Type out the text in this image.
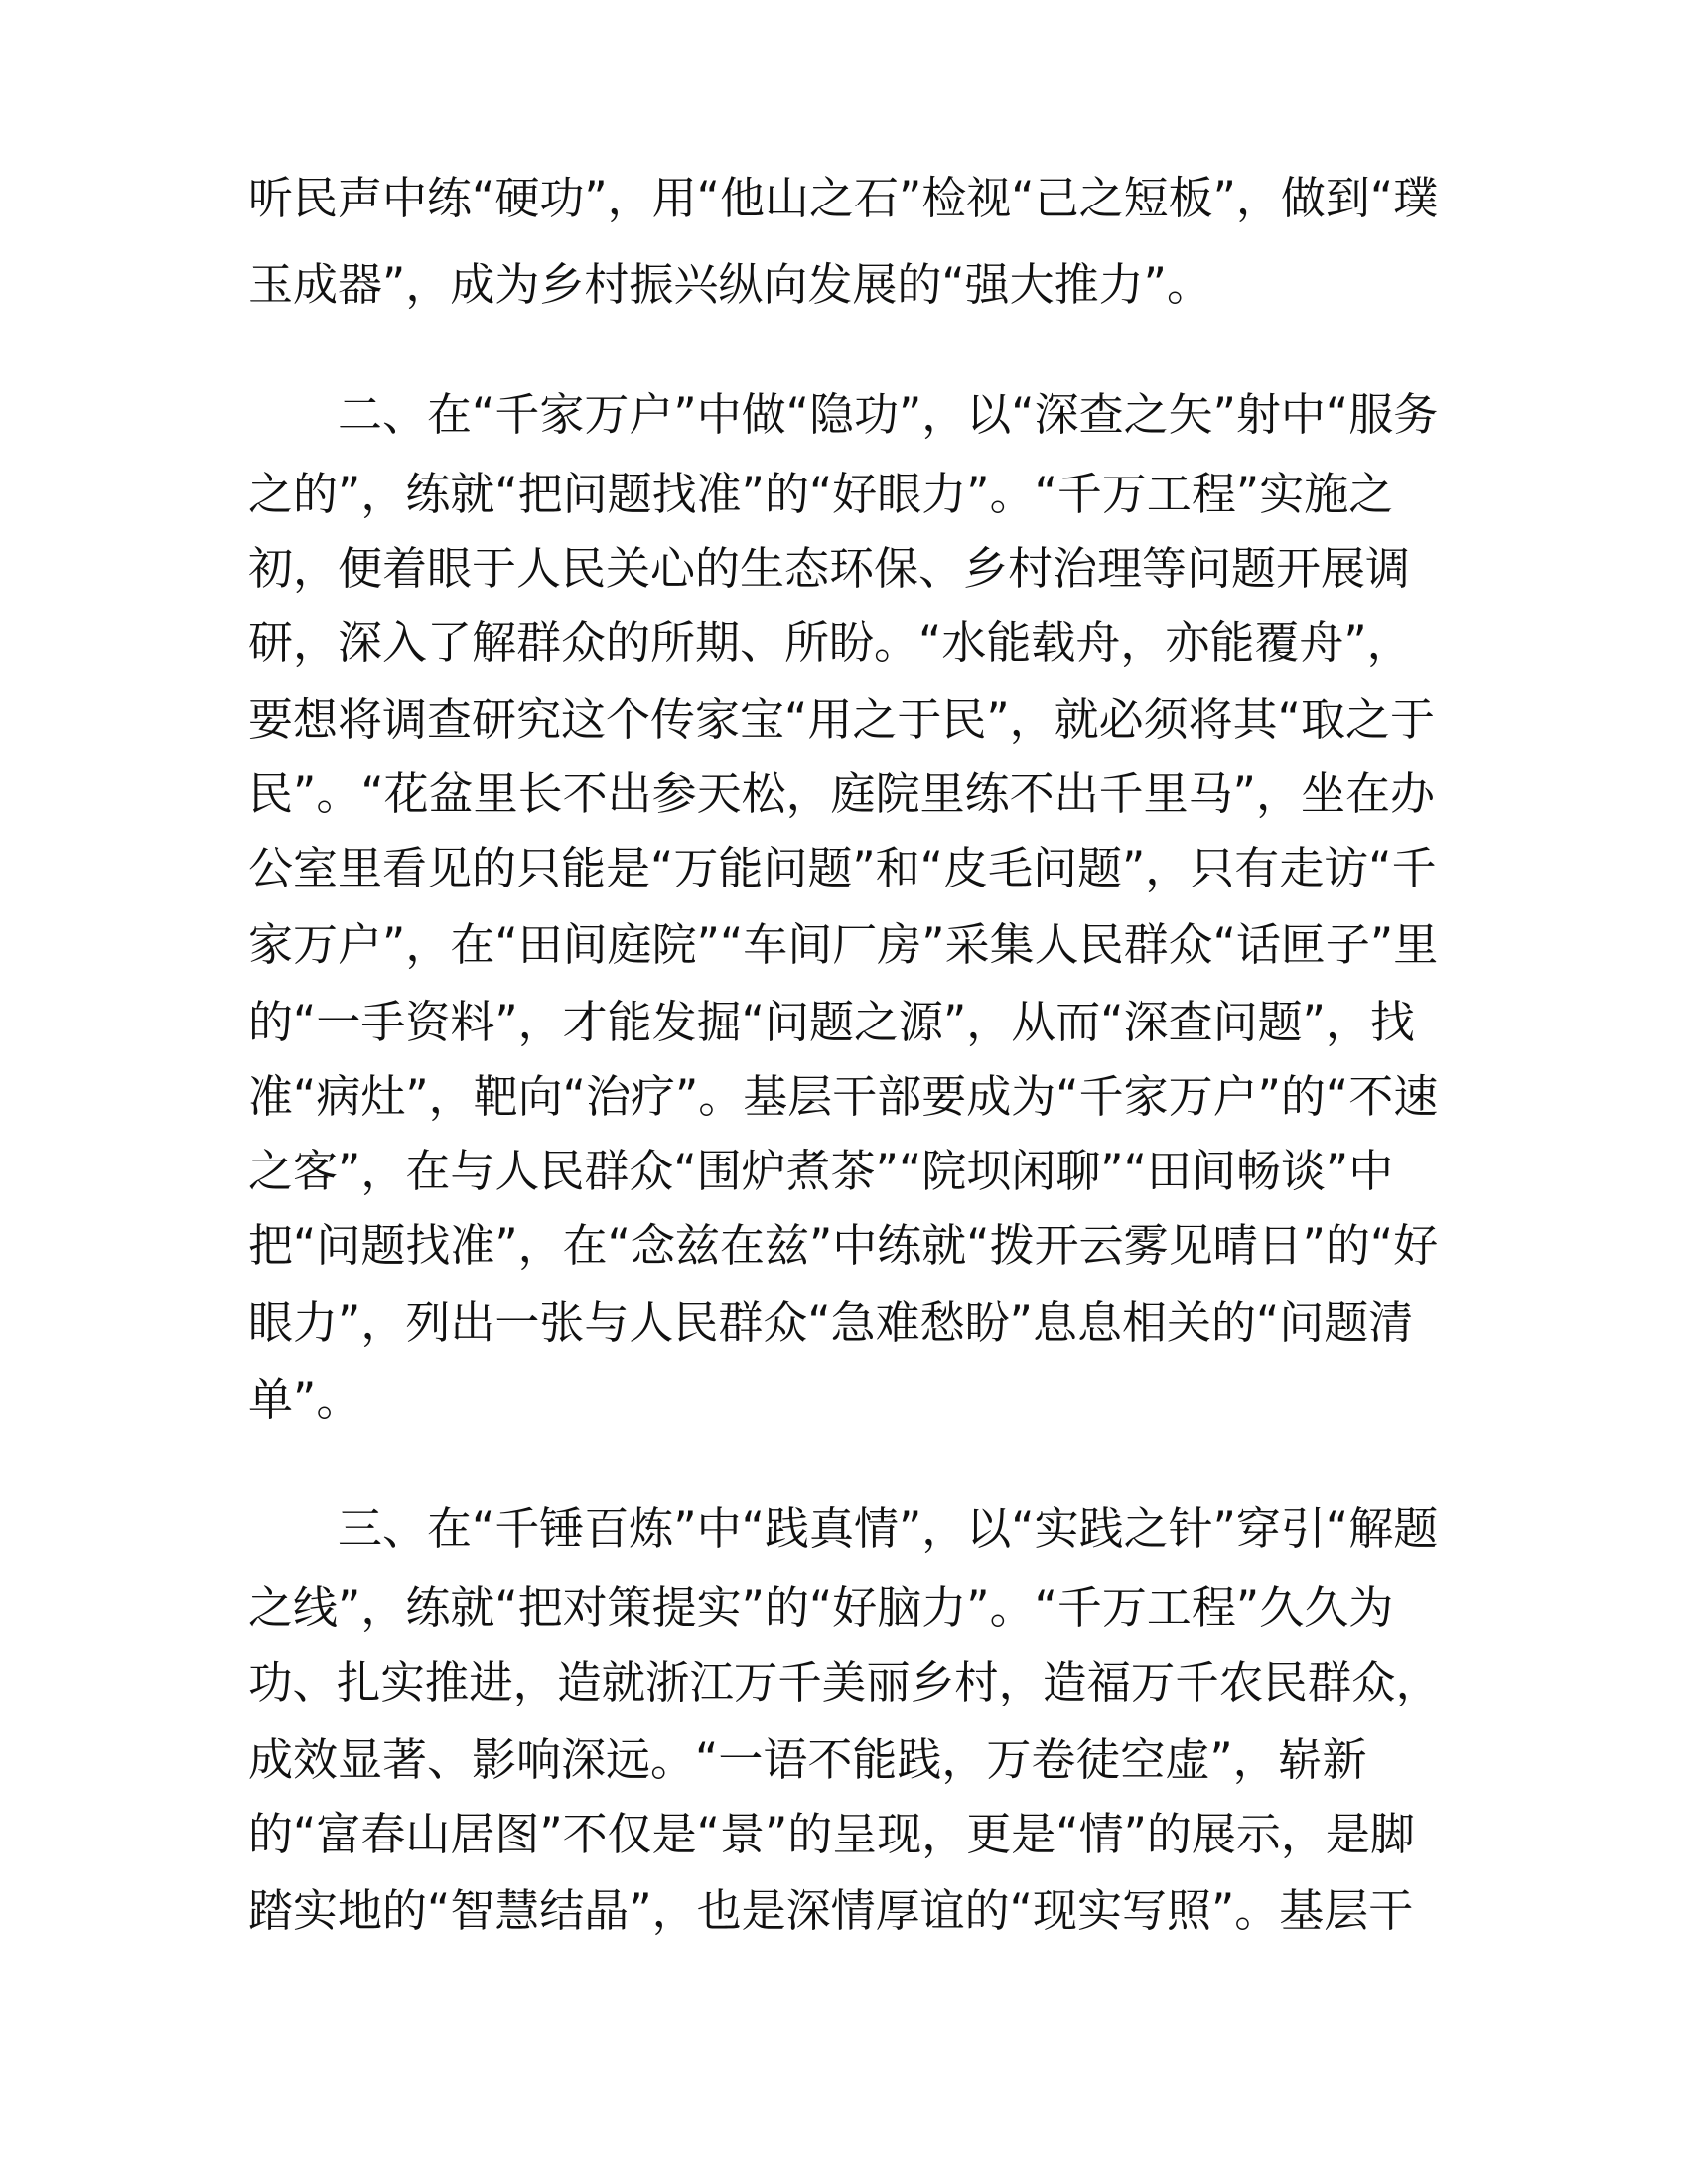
听民声中练“硬功”，用“他山之石”检视“己之短板”，做到“璞
玉成器”，成为乡村振兴纵向发展的“强大推力”。
二、在“千家万户”中做“隐功”，以“深查之矢”射中“服务
之的”，练就“把问题找准”的“好眼力”。“千万工程”实施之
初，便着眼于人民关心的生态环保、乡村治理等问题开展调
研，深入了解群众的所期、所盼。“水能载舟，亦能覆舟”，
要想将调查研究这个传家宝“用之于民”，就必须将其“取之于
民”。“花盆里长不出参天松，庭院里练不出千里马”，坐在办
公室里看见的只能是“万能问题”和“皮毛问题”，只有走访“千
家万户”，在“田间庭院”“车间厂房”采集人民群众“话匣子”里
的“一手资料”，才能发掘“问题之源”，从而“深查问题”，找
准“病灶”，靶向“治疗”。基层干部要成为“千家万户”的“不速
之客”，在与人民群众“围炉煮茶”“院坝闲聊”“田间畅谈”中
把“问题找准”，在“念兹在兹”中练就“拨开云雾见晴日”的“好
眼力”，列出一张与人民群众“急难愁盼”息息相关的“问题清
单”。
三、在“千锤百炼”中“践真情”，以“实践之针”穿引“解题
之线”，练就“把对策提实”的“好脑力”。“千万工程”久久为
功、扎实推进，造就浙江万千美丽乡村，造福万千农民群众，
成效显著、影响深远。“一语不能践，万卷徒空虚”，崭新
的“富春山居图”不仅是“景”的呈现，更是“情”的展示，是脚
踏实地的“智慧结晶”，也是深情厚谊的“现实写照”。基层干
